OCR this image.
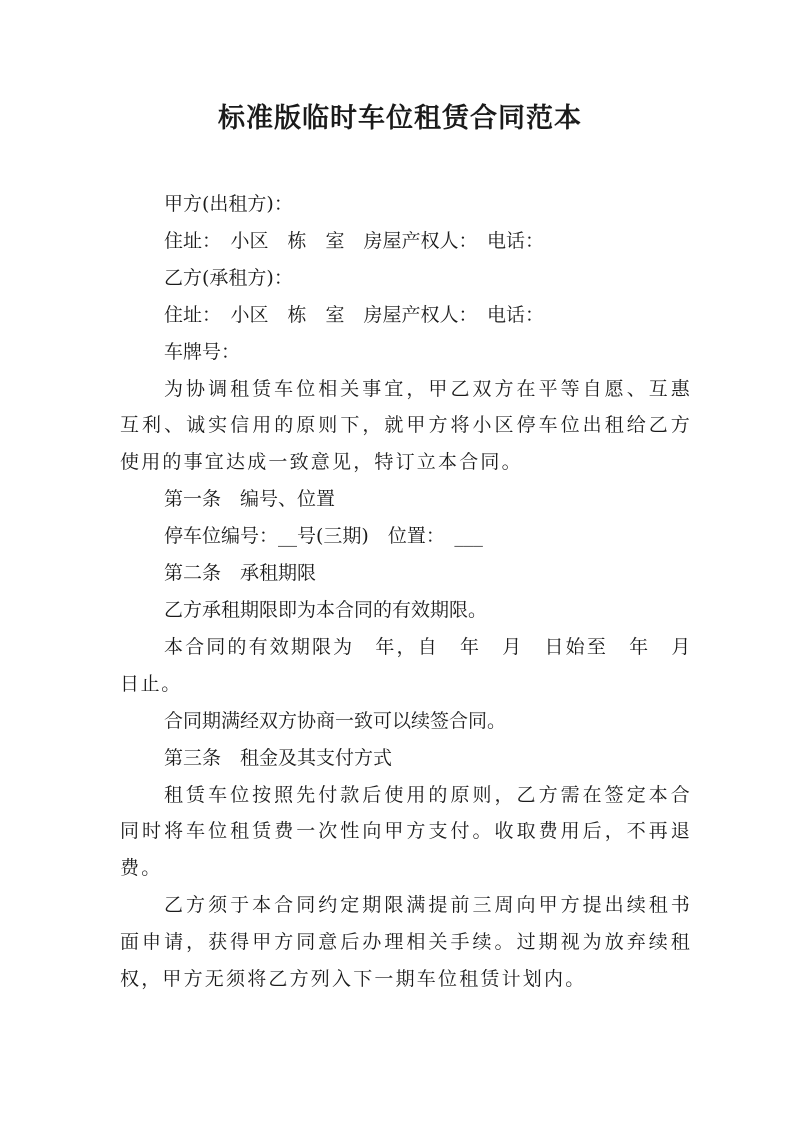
标准版临时车位租赁合同范本

甲方(出租方)：

住址：　小区　栋　室　房屋产权人：　电话：

乙方(承租方)：

住址：　小区　栋　室　房屋产权人：　电话：

车牌号：

为协调租赁车位相关事宜，甲乙双方在平等自愿、互惠互利、诚实信用的原则下，就甲方将小区停车位出租给乙方使用的事宜达成一致意见，特订立本合同。

第一条　编号、位置

停车位编号：__号(三期)　位置：　___

第二条　承租期限

乙方承租期限即为本合同的有效期限。

本合同的有效期限为　年，自　年　月　日始至　年　月　日止。

合同期满经双方协商一致可以续签合同。

第三条　租金及其支付方式

租赁车位按照先付款后使用的原则，乙方需在签定本合同时将车位租赁费一次性向甲方支付。收取费用后，不再退费。

乙方须于本合同约定期限满提前三周向甲方提出续租书面申请，获得甲方同意后办理相关手续。过期视为放弃续租权，甲方无须将乙方列入下一期车位租赁计划内。
